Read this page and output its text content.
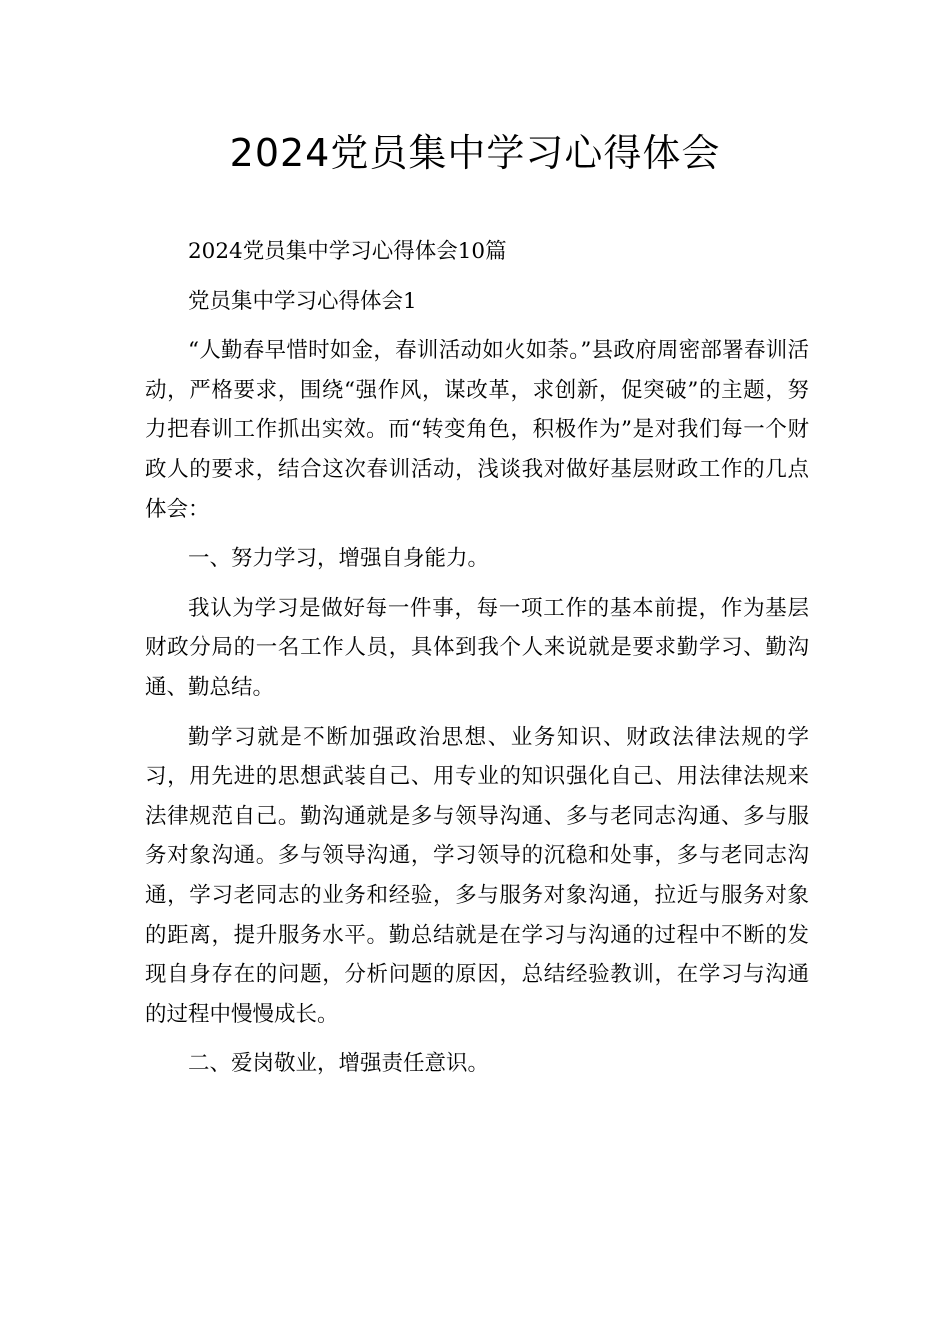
2024党员集中学习心得体会

2024党员集中学习心得体会10篇

党员集中学习心得体会1

“人勤春早惜时如金，春训活动如火如荼。”县政府周密部署春训活动，严格要求，围绕“强作风，谋改革，求创新，促突破”的主题，努力把春训工作抓出实效。而“转变角色，积极作为”是对我们每一个财政人的要求，结合这次春训活动，浅谈我对做好基层财政工作的几点体会：

一、努力学习，增强自身能力。

我认为学习是做好每一件事，每一项工作的基本前提，作为基层财政分局的一名工作人员，具体到我个人来说就是要求勤学习、勤沟通、勤总结。

勤学习就是不断加强政治思想、业务知识、财政法律法规的学习，用先进的思想武装自己、用专业的知识强化自己、用法律法规来法律规范自己。勤沟通就是多与领导沟通、多与老同志沟通、多与服务对象沟通。多与领导沟通，学习领导的沉稳和处事，多与老同志沟通，学习老同志的业务和经验，多与服务对象沟通，拉近与服务对象的距离，提升服务水平。勤总结就是在学习与沟通的过程中不断的发现自身存在的问题，分析问题的原因，总结经验教训，在学习与沟通的过程中慢慢成长。

二、爱岗敬业，增强责任意识。
